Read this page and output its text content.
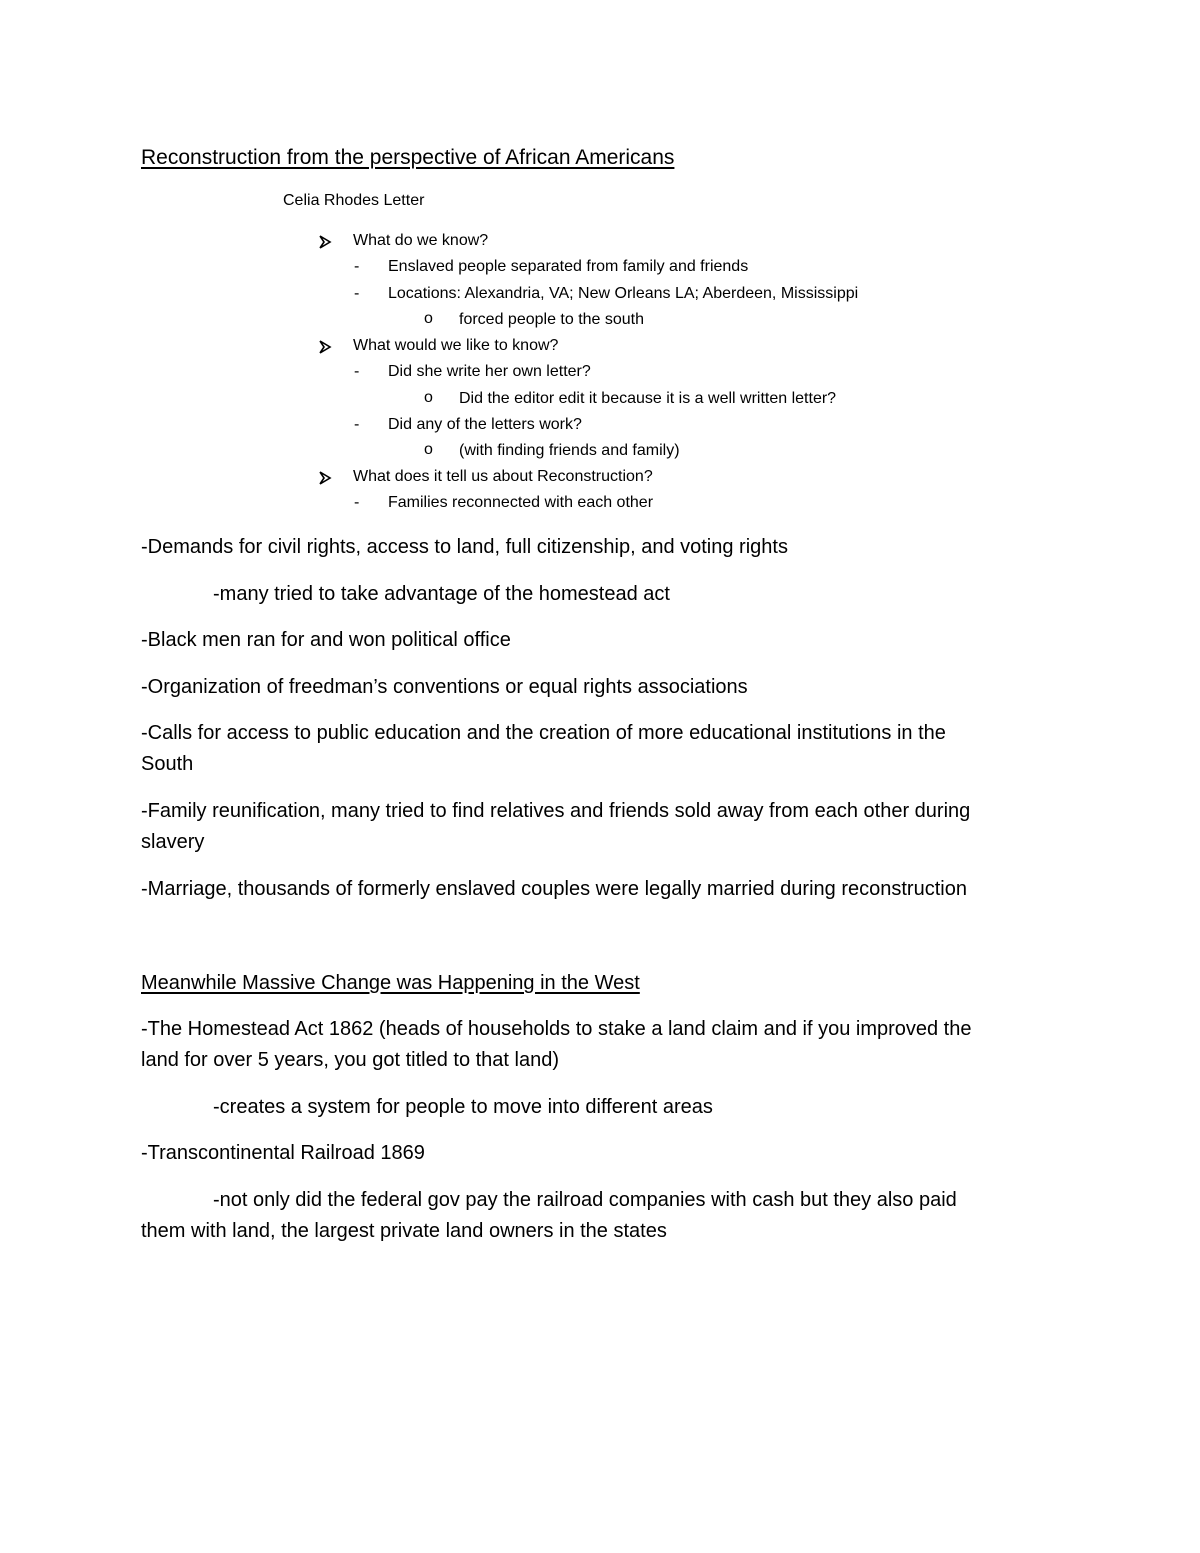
Reconstruction from the perspective of African Americans
Celia Rhodes Letter
What do we know?
- Enslaved people separated from family and friends
- Locations: Alexandria, VA; New Orleans LA; Aberdeen, Mississippi
o forced people to the south
What would we like to know?
- Did she write her own letter?
o Did the editor edit it because it is a well written letter?
- Did any of the letters work?
o (with finding friends and family)
What does it tell us about Reconstruction?
- Families reconnected with each other
-Demands for civil rights, access to land, full citizenship, and voting rights
-many tried to take advantage of the homestead act
-Black men ran for and won political office
-Organization of freedman’s conventions or equal rights associations
-Calls for access to public education and the creation of more educational institutions in the
South
-Family reunification, many tried to find relatives and friends sold away from each other during
slavery
-Marriage, thousands of formerly enslaved couples were legally married during reconstruction
Meanwhile Massive Change was Happening in the West
-The Homestead Act 1862 (heads of households to stake a land claim and if you improved the
land for over 5 years, you got titled to that land)
-creates a system for people to move into different areas
-Transcontinental Railroad 1869
-not only did the federal gov pay the railroad companies with cash but they also paid
them with land, the largest private land owners in the states
